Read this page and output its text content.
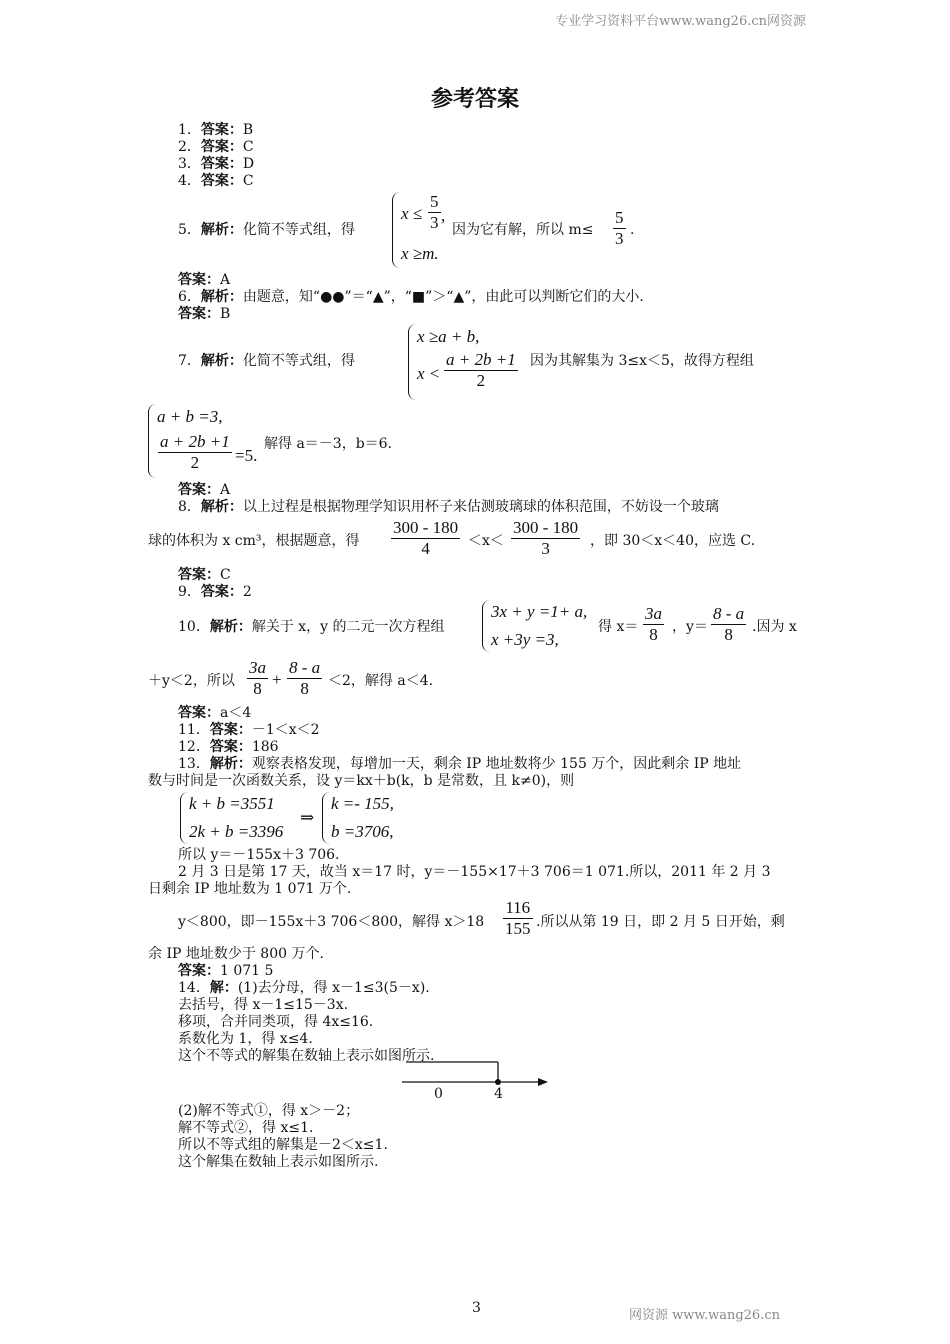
专业学习资料平台www.wang26.cn网资源
参考答案
1．答案：B
2．答案：C
3．答案：D
4．答案：C
5．解析：化简不等式组，得
$x \le \frac{5}{3}$ ,
x ≥m.
因为它有解，所以 $m\le \frac{5}{3}$ .
答案：A
6．解析：由题意，知“●●”＝“▲”，“■”＞“▲”，由此可以判断它们的大小.
答案：B
7．解析：化简不等式组，得
x ≥a + b,
$x < \frac{a + 2b +1}{2}$ 因为其解集为 3≤x＜5，故得方程组
a + b =3,
$\frac{a + 2b +1}{2} =5$.
解得 a＝－3，b＝6.
答案：A
8．解析：以上过程是根据物理学知识用杯子来估测玻璃球的体积范围，不妨设一个玻璃
球的体积为 x cm³，根据题意，得 $\frac{300 - 180}{4} <x< \frac{300 - 180}{3}$ ，即 30＜x＜40，应选 C.
答案：C
9．答案：2
10．解析：解关于 x，y 的二元一次方程组
3x + y =1+ a,
x +3y =3,
得 $x= \frac{3a}{8}$ ，$y= \frac{8 - a}{8}$ .因为 x
＋y＜2，所以 $\frac{3a}{8} + \frac{8 - a}{8} <2$，解得 a＜4.
答案：a＜4
11．答案：－1＜x＜2
12．答案：186
13．解析：观察表格发现，每增加一天，剩余 IP 地址数将少 155 万个，因此剩余 IP 地址
数与时间是一次函数关系，设 y＝kx＋b(k，b 是常数，且 k≠0)，则
k + b =3551
2k + b =3396
⇒
k =- 155,
b =3706,
所以 y＝－155x＋3 706.
2 月 3 日是第 17 天，故当 x＝17 时，y＝－155×17＋3 706＝1 071.所以，2011 年 2 月 3
日剩余 IP 地址数为 1 071 万个.
y＜800，即－155x＋3 706＜800，解得 $x>18 \frac{116}{155}$ .所以从第 19 日，即 2 月 5 日开始，剩
余 IP 地址数少于 800 万个.
答案：1 071 5
14．解：(1)去分母，得 x－1≤3(5－x).
去括号，得 x－1≤15－3x.
移项，合并同类项，得 4x≤16.
系数化为 1，得 x≤4.
这个不等式的解集在数轴上表示如图所示.
0	4
(2)解不等式①，得 x＞－2；
解不等式②，得 x≤1.
所以不等式组的解集是－2＜x≤1.
这个解集在数轴上表示如图所示.
3	网资源 www.wang26.cn
